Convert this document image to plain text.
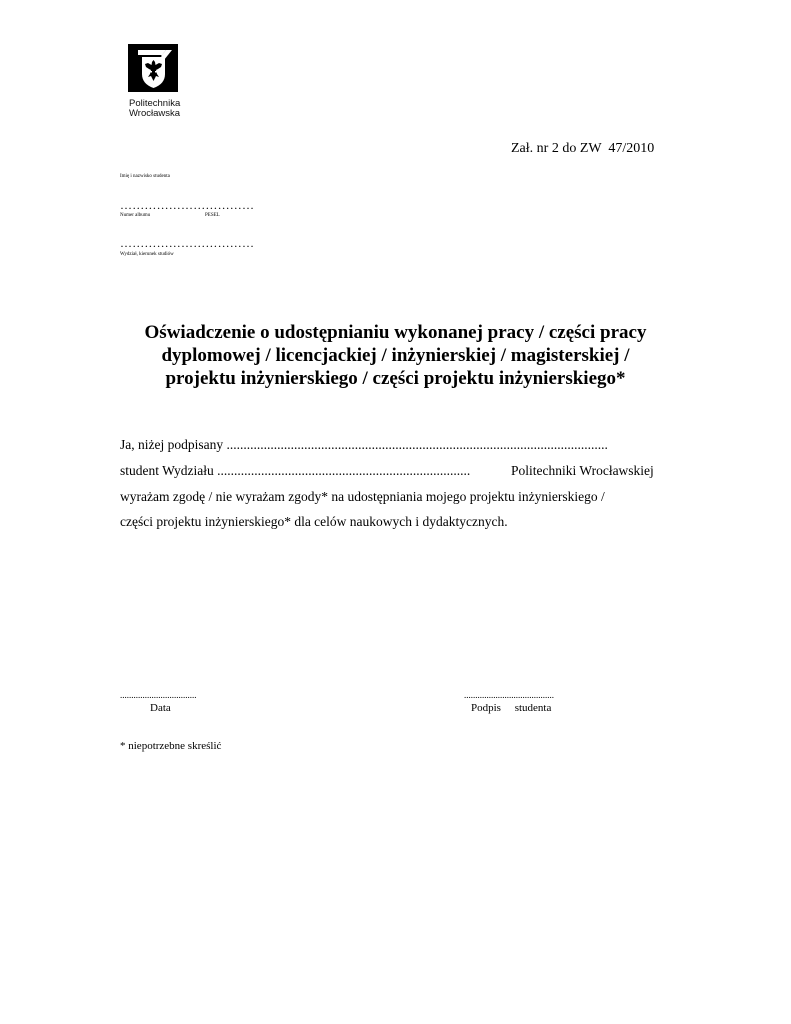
Politechnika
Wrocławska
Zał. nr 2 do ZW  47/2010
Imię i nazwisko studenta
……………………………
Numer albumu	PESEL
……………………………
Wydział, kierunek studiów
Oświadczenie o udostępnianiu wykonanej pracy / części pracy
dyplomowej / licencjackiej / inżynierskiej / magisterskiej /
projektu inżynierskiego / części projektu inżynierskiego*
Ja, niżej podpisany .................................................................................................................
student Wydziału ...........................................................................	Politechniki Wrocławskiej
wyrażam zgodę / nie wyrażam zgody* na udostępniania mojego projektu inżynierskiego /
części projektu inżynierskiego* dla celów naukowych i dydaktycznych.
..................................
Data
........................................
Podpis     studenta
* niepotrzebne skreślić
